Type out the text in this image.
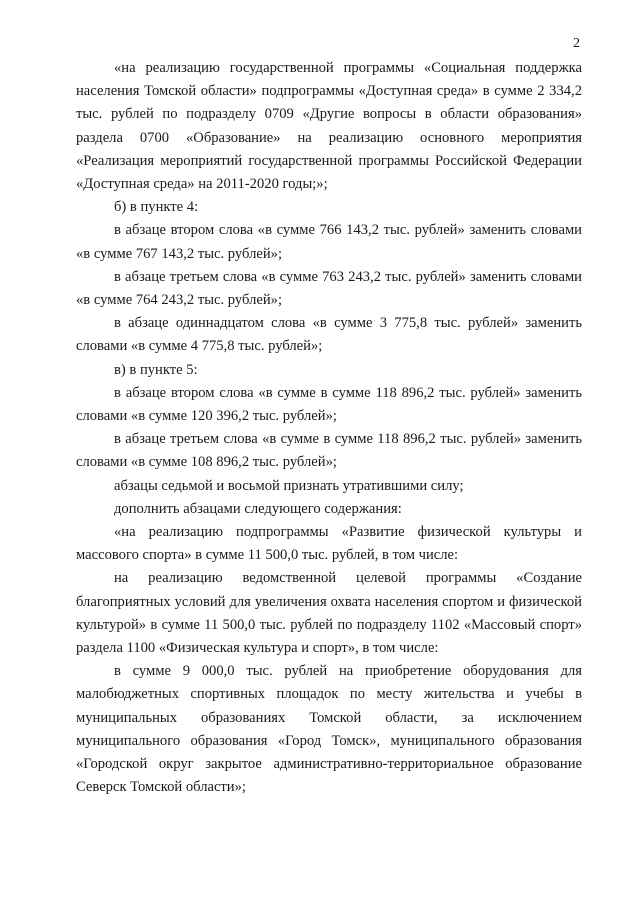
2

«на реализацию государственной программы «Социальная поддержка населения Томской области» подпрограммы «Доступная среда» в сумме 2 334,2 тыс. рублей по подразделу 0709 «Другие вопросы в области образования» раздела 0700 «Образование» на реализацию основного мероприятия «Реализация мероприятий государственной программы Российской Федерации «Доступная среда» на 2011-2020 годы;»;

б) в пункте 4:

в абзаце втором слова «в сумме 766 143,2 тыс. рублей» заменить словами «в сумме 767 143,2 тыс. рублей»;

в абзаце третьем слова «в сумме 763 243,2 тыс. рублей» заменить словами «в сумме 764 243,2 тыс. рублей»;

в абзаце одиннадцатом слова «в сумме 3 775,8 тыс. рублей» заменить словами «в сумме 4 775,8 тыс. рублей»;

в) в пункте 5:

в абзаце втором слова «в сумме в сумме 118 896,2 тыс. рублей» заменить словами «в сумме 120 396,2 тыс. рублей»;

в абзаце третьем слова «в сумме в сумме 118 896,2 тыс. рублей» заменить словами «в сумме 108 896,2 тыс. рублей»;

абзацы седьмой и восьмой признать утратившими силу;

дополнить абзацами следующего содержания:

«на реализацию подпрограммы «Развитие физической культуры и массового спорта» в сумме 11 500,0 тыс. рублей, в том числе:

на реализацию ведомственной целевой программы «Создание благоприятных условий для увеличения охвата населения спортом и физической культурой» в сумме 11 500,0 тыс. рублей по подразделу 1102 «Массовый спорт» раздела 1100 «Физическая культура и спорт», в том числе:

в сумме 9 000,0 тыс. рублей на приобретение оборудования для малобюджетных спортивных площадок по месту жительства и учебы в муниципальных образованиях Томской области, за исключением муниципального образования «Город Томск», муниципального образования «Городской округ закрытое административно-территориальное образование Северск Томской области»;
